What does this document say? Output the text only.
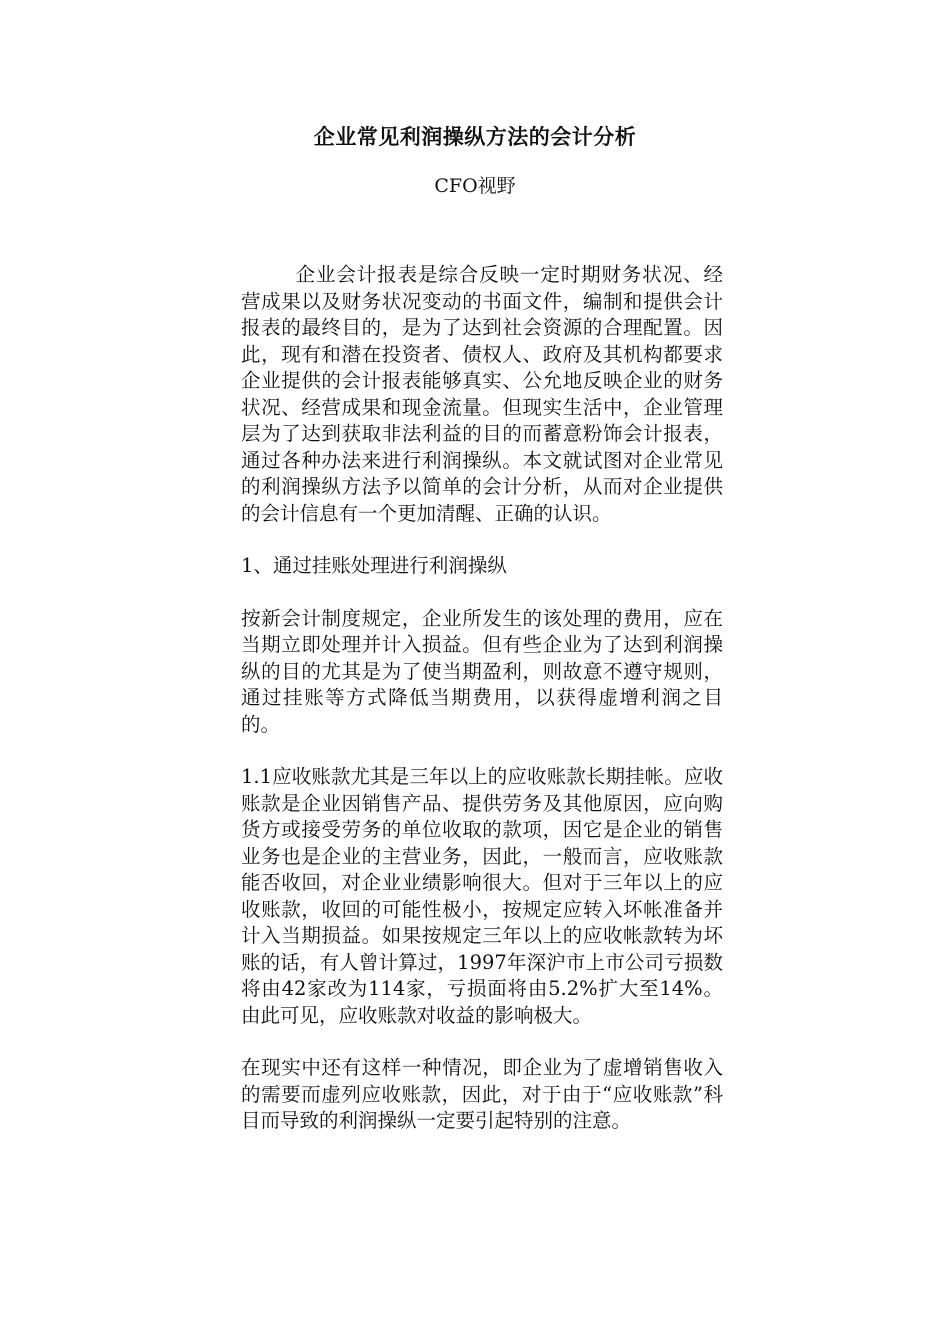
企业常见利润操纵方法的会计分析
CFO视野

企业会计报表是综合反映一定时期财务状况、经营成果以及财务状况变动的书面文件，编制和提供会计报表的最终目的，是为了达到社会资源的合理配置。因此，现有和潜在投资者、债权人、政府及其机构都要求企业提供的会计报表能够真实、公允地反映企业的财务状况、经营成果和现金流量。但现实生活中，企业管理层为了达到获取非法利益的目的而蓄意粉饰会计报表，通过各种办法来进行利润操纵。本文就试图对企业常见的利润操纵方法予以简单的会计分析，从而对企业提供的会计信息有一个更加清醒、正确的认识。

1、通过挂账处理进行利润操纵

按新会计制度规定，企业所发生的该处理的费用，应在当期立即处理并计入损益。但有些企业为了达到利润操纵的目的尤其是为了使当期盈利，则故意不遵守规则，通过挂账等方式降低当期费用，以获得虚增利润之目的。

1.1应收账款尤其是三年以上的应收账款长期挂帐。应收账款是企业因销售产品、提供劳务及其他原因，应向购货方或接受劳务的单位收取的款项，因它是企业的销售业务也是企业的主营业务，因此，一般而言，应收账款能否收回，对企业业绩影响很大。但对于三年以上的应收账款，收回的可能性极小，按规定应转入坏帐准备并计入当期损益。如果按规定三年以上的应收帐款转为坏账的话，有人曾计算过，1997年深沪市上市公司亏损数将由42家改为114家，亏损面将由5.2%扩大至14%。由此可见，应收账款对收益的影响极大。

在现实中还有这样一种情况，即企业为了虚增销售收入的需要而虚列应收账款，因此，对于由于“应收账款”科目而导致的利润操纵一定要引起特别的注意。
